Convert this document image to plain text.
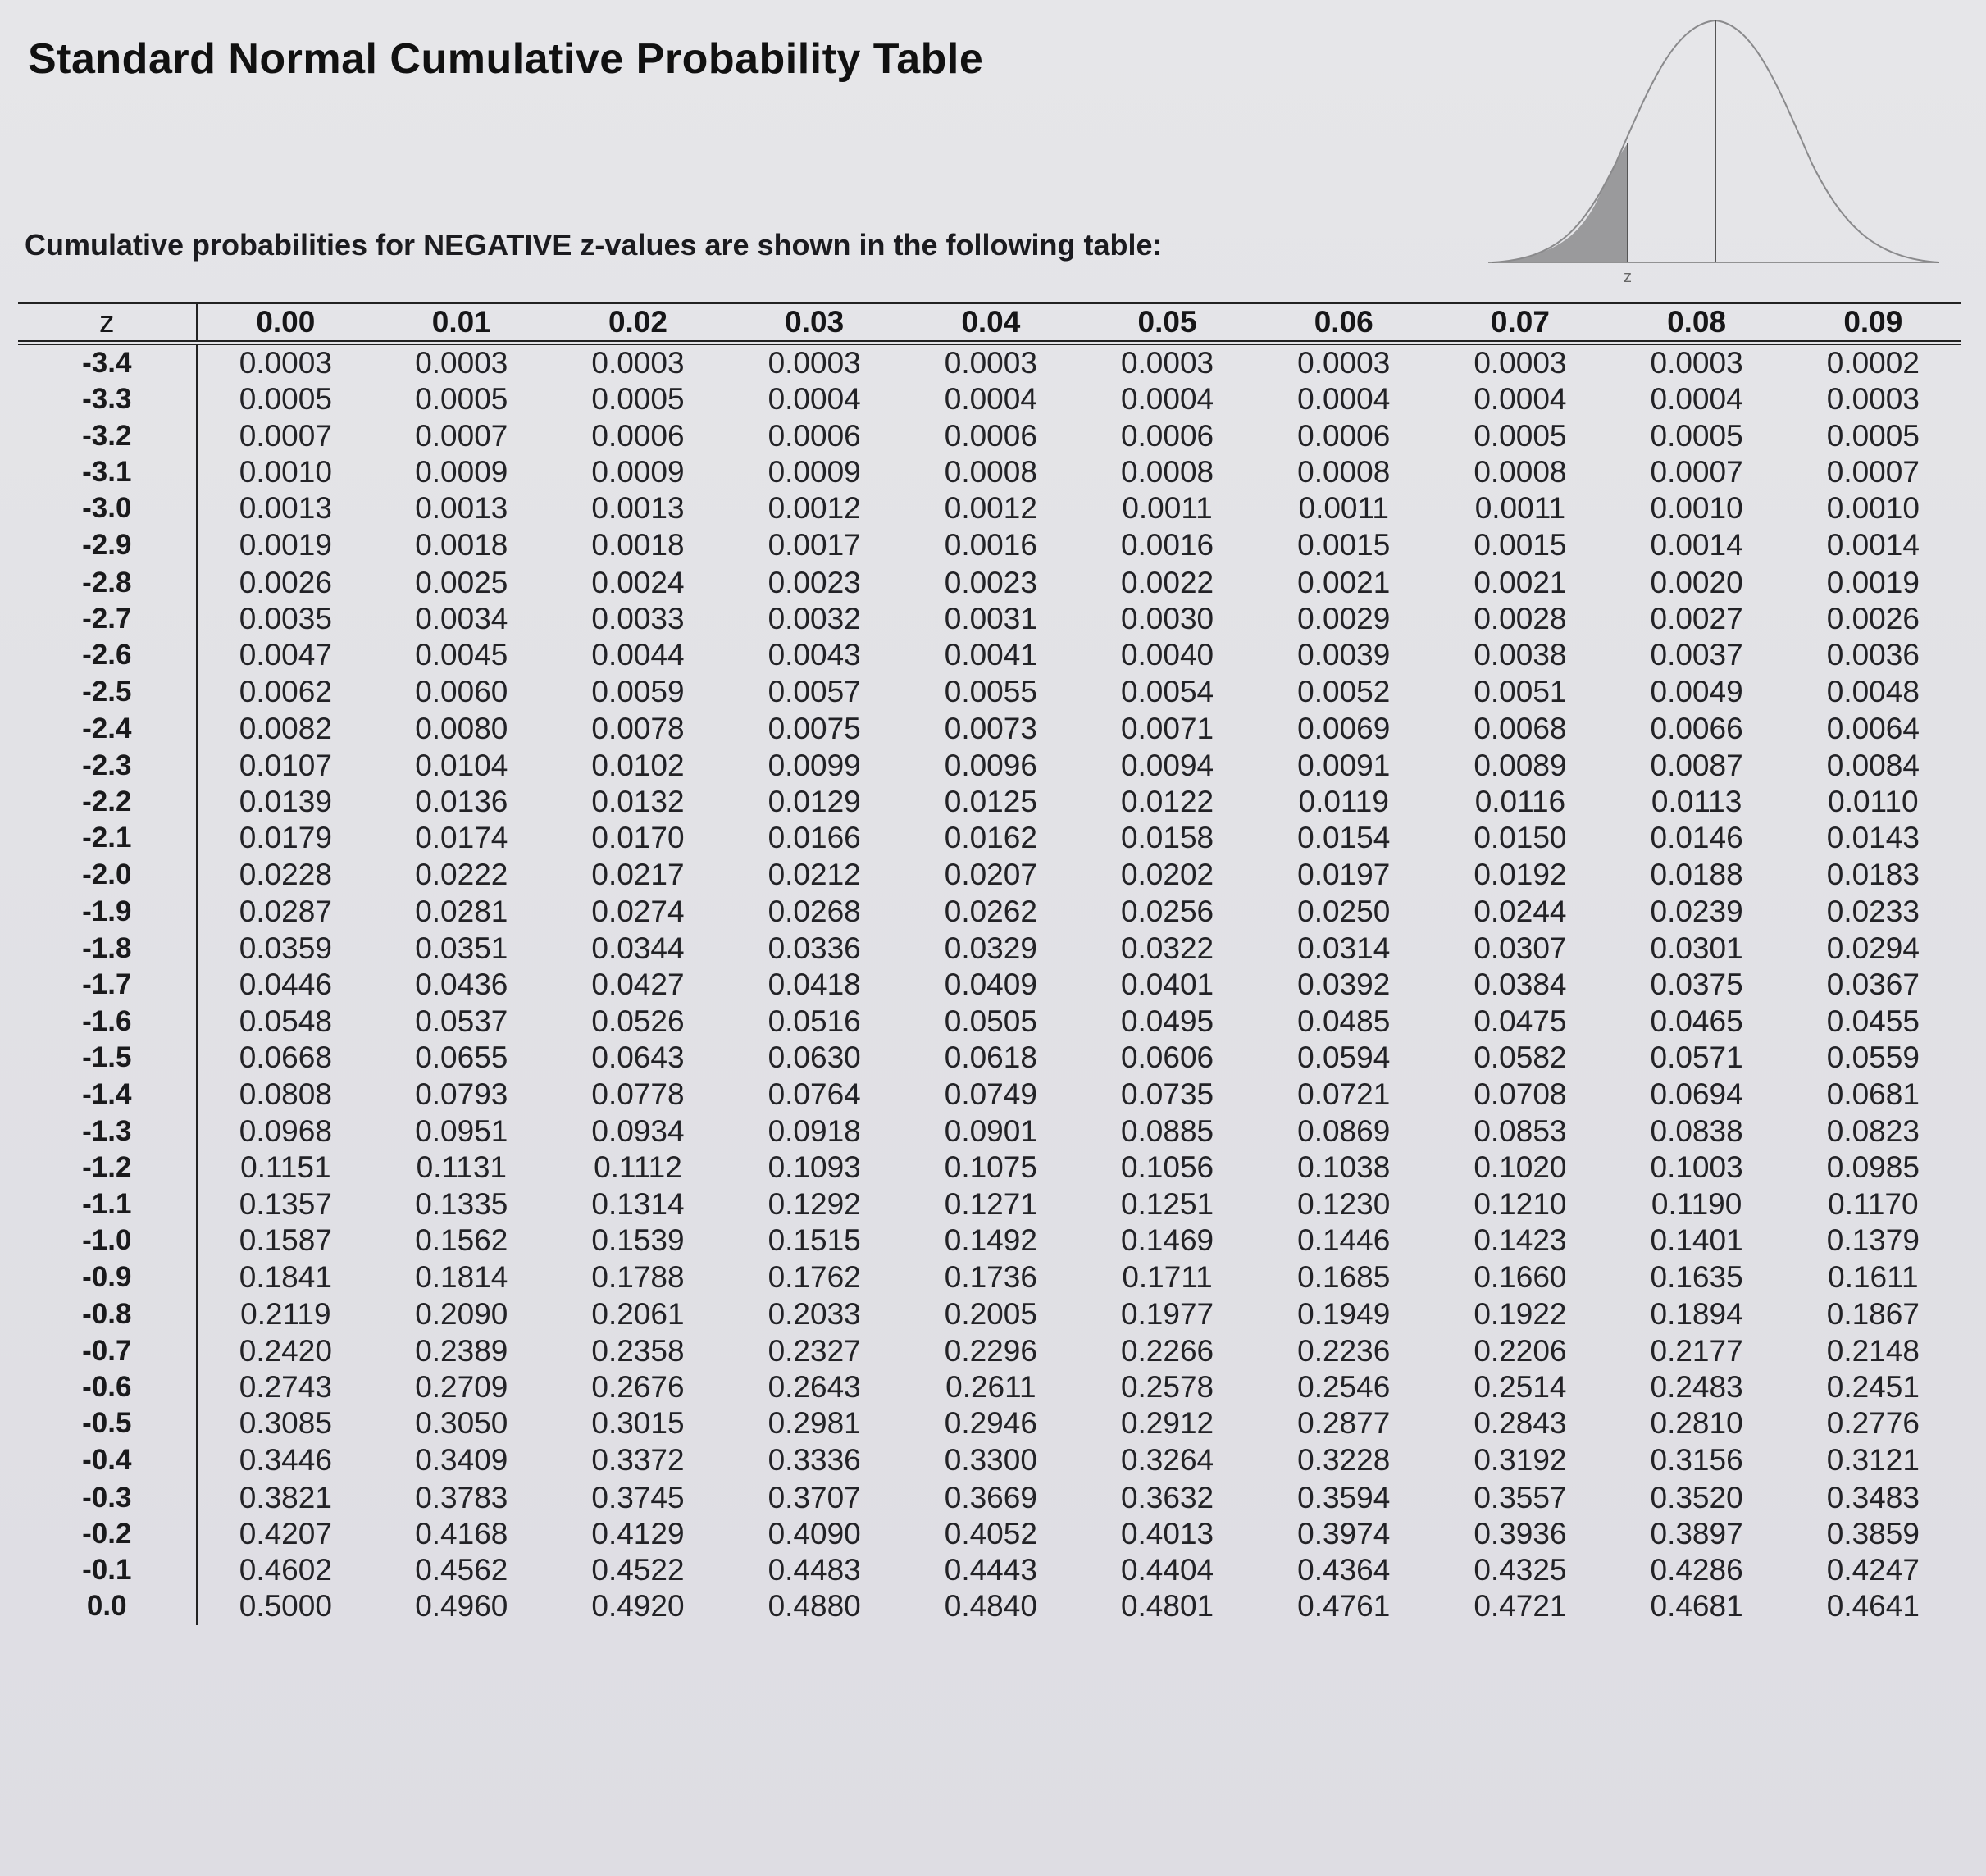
Standard Normal Cumulative Probability Table
z
Cumulative probabilities for NEGATIVE z-values are shown in the following table:
z	0.00	0.01	0.02	0.03	0.04	0.05	0.06	0.07	0.08	0.09
-3.4	0.0003	0.0003	0.0003	0.0003	0.0003	0.0003	0.0003	0.0003	0.0003	0.0002
-3.3	0.0005	0.0005	0.0005	0.0004	0.0004	0.0004	0.0004	0.0004	0.0004	0.0003
-3.2	0.0007	0.0007	0.0006	0.0006	0.0006	0.0006	0.0006	0.0005	0.0005	0.0005
-3.1	0.0010	0.0009	0.0009	0.0009	0.0008	0.0008	0.0008	0.0008	0.0007	0.0007
-3.0	0.0013	0.0013	0.0013	0.0012	0.0012	0.0011	0.0011	0.0011	0.0010	0.0010
-2.9	0.0019	0.0018	0.0018	0.0017	0.0016	0.0016	0.0015	0.0015	0.0014	0.0014
-2.8	0.0026	0.0025	0.0024	0.0023	0.0023	0.0022	0.0021	0.0021	0.0020	0.0019
-2.7	0.0035	0.0034	0.0033	0.0032	0.0031	0.0030	0.0029	0.0028	0.0027	0.0026
-2.6	0.0047	0.0045	0.0044	0.0043	0.0041	0.0040	0.0039	0.0038	0.0037	0.0036
-2.5	0.0062	0.0060	0.0059	0.0057	0.0055	0.0054	0.0052	0.0051	0.0049	0.0048
-2.4	0.0082	0.0080	0.0078	0.0075	0.0073	0.0071	0.0069	0.0068	0.0066	0.0064
-2.3	0.0107	0.0104	0.0102	0.0099	0.0096	0.0094	0.0091	0.0089	0.0087	0.0084
-2.2	0.0139	0.0136	0.0132	0.0129	0.0125	0.0122	0.0119	0.0116	0.0113	0.0110
-2.1	0.0179	0.0174	0.0170	0.0166	0.0162	0.0158	0.0154	0.0150	0.0146	0.0143
-2.0	0.0228	0.0222	0.0217	0.0212	0.0207	0.0202	0.0197	0.0192	0.0188	0.0183
-1.9	0.0287	0.0281	0.0274	0.0268	0.0262	0.0256	0.0250	0.0244	0.0239	0.0233
-1.8	0.0359	0.0351	0.0344	0.0336	0.0329	0.0322	0.0314	0.0307	0.0301	0.0294
-1.7	0.0446	0.0436	0.0427	0.0418	0.0409	0.0401	0.0392	0.0384	0.0375	0.0367
-1.6	0.0548	0.0537	0.0526	0.0516	0.0505	0.0495	0.0485	0.0475	0.0465	0.0455
-1.5	0.0668	0.0655	0.0643	0.0630	0.0618	0.0606	0.0594	0.0582	0.0571	0.0559
-1.4	0.0808	0.0793	0.0778	0.0764	0.0749	0.0735	0.0721	0.0708	0.0694	0.0681
-1.3	0.0968	0.0951	0.0934	0.0918	0.0901	0.0885	0.0869	0.0853	0.0838	0.0823
-1.2	0.1151	0.1131	0.1112	0.1093	0.1075	0.1056	0.1038	0.1020	0.1003	0.0985
-1.1	0.1357	0.1335	0.1314	0.1292	0.1271	0.1251	0.1230	0.1210	0.1190	0.1170
-1.0	0.1587	0.1562	0.1539	0.1515	0.1492	0.1469	0.1446	0.1423	0.1401	0.1379
-0.9	0.1841	0.1814	0.1788	0.1762	0.1736	0.1711	0.1685	0.1660	0.1635	0.1611
-0.8	0.2119	0.2090	0.2061	0.2033	0.2005	0.1977	0.1949	0.1922	0.1894	0.1867
-0.7	0.2420	0.2389	0.2358	0.2327	0.2296	0.2266	0.2236	0.2206	0.2177	0.2148
-0.6	0.2743	0.2709	0.2676	0.2643	0.2611	0.2578	0.2546	0.2514	0.2483	0.2451
-0.5	0.3085	0.3050	0.3015	0.2981	0.2946	0.2912	0.2877	0.2843	0.2810	0.2776
-0.4	0.3446	0.3409	0.3372	0.3336	0.3300	0.3264	0.3228	0.3192	0.3156	0.3121
-0.3	0.3821	0.3783	0.3745	0.3707	0.3669	0.3632	0.3594	0.3557	0.3520	0.3483
-0.2	0.4207	0.4168	0.4129	0.4090	0.4052	0.4013	0.3974	0.3936	0.3897	0.3859
-0.1	0.4602	0.4562	0.4522	0.4483	0.4443	0.4404	0.4364	0.4325	0.4286	0.4247
0.0	0.5000	0.4960	0.4920	0.4880	0.4840	0.4801	0.4761	0.4721	0.4681	0.4641
